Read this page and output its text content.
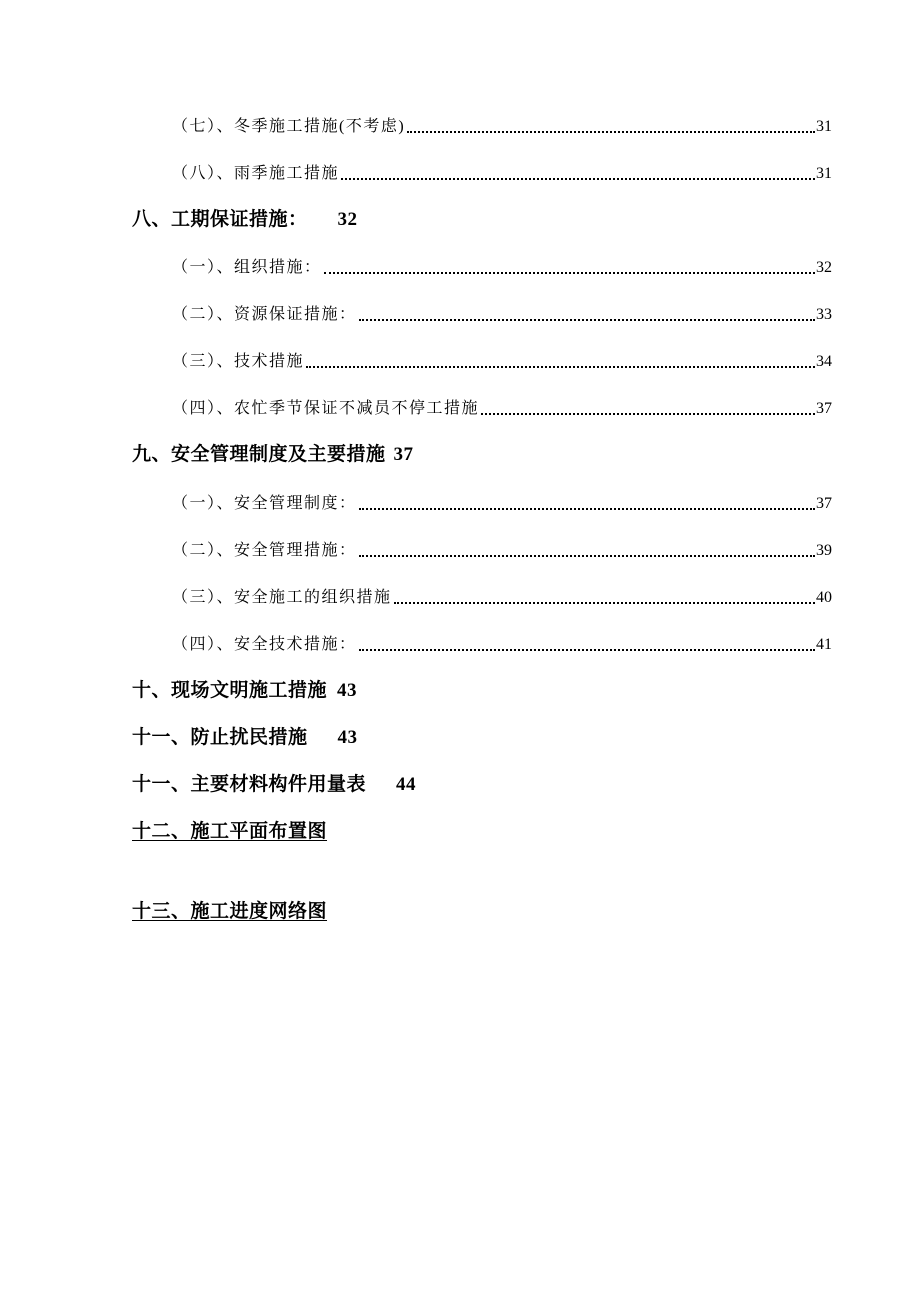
（七）、冬季施工措施(不考虑)	31
（八）、雨季施工措施	31
八、工期保证措施： 32
（一）、组织措施：	32
（二）、资源保证措施：	33
（三）、技术措施	34
（四）、农忙季节保证不减员不停工措施	37
九、安全管理制度及主要措施 37
（一）、安全管理制度：	37
（二）、安全管理措施：	39
（三）、安全施工的组织措施	40
（四）、安全技术措施：	41
十、现场文明施工措施 43
十一、防止扰民措施 43
十一、主要材料构件用量表 44
十二、施工平面布置图
十三、施工进度网络图
